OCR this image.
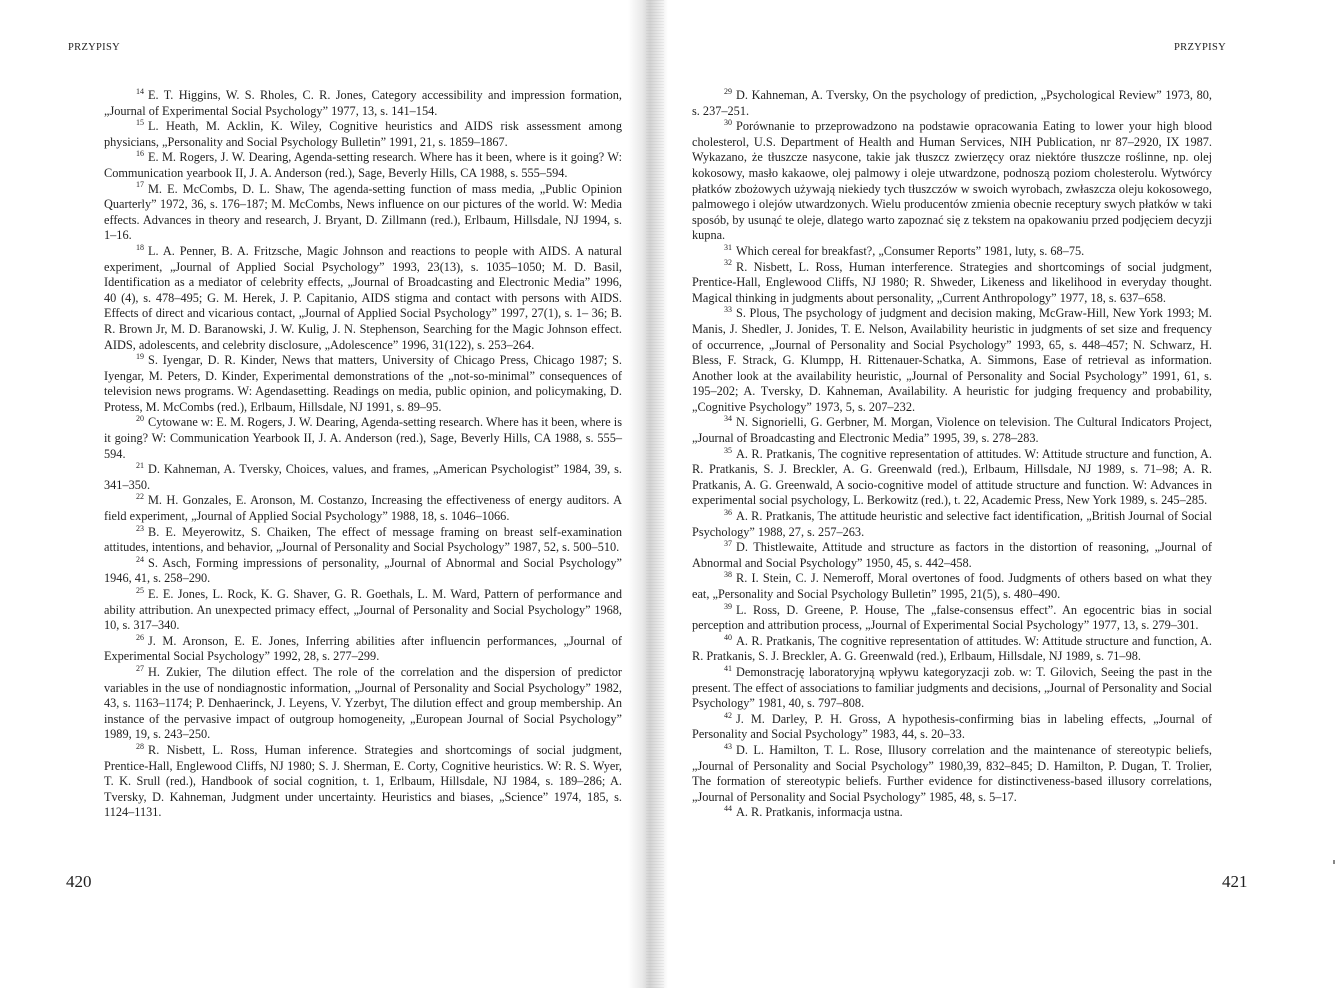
PRZYPISY

$^{14}$ E. T. Higgins, W. S. Rholes, C. R. Jones, Category accessibility and impression formation, „Journal of Experimental Social Psychology” 1977, 13, s. 141–154.

$^{15}$ L. Heath, M. Acklin, K. Wiley, Cognitive heuristics and AIDS risk assessment among physicians, „Personality and Social Psychology Bulletin” 1991, 21, s. 1859–1867.

$^{16}$ E. M. Rogers, J. W. Dearing, Agenda-setting research. Where has it been, where is it going? W: Communication yearbook II, J. A. Anderson (red.), Sage, Beverly Hills, CA 1988, s. 555–594.

$^{17}$ M. E. McCombs, D. L. Shaw, The agenda-setting function of mass media, „Public Opinion Quarterly” 1972, 36, s. 176–187; M. McCombs, News influence on our pictures of the world. W: Media effects. Advances in theory and research, J. Bryant, D. Zillmann (red.), Erlbaum, Hillsdale, NJ 1994, s. 1–16.

$^{18}$ L. A. Penner, B. A. Fritzsche, Magic Johnson and reactions to people with AIDS. A natural experiment, „Journal of Applied Social Psychology” 1993, 23(13), s. 1035–1050; M. D. Basil, Identification as a mediator of celebrity effects, „Journal of Broadcasting and Electronic Media” 1996, 40 (4), s. 478–495; G. M. Herek, J. P. Capitanio, AIDS stigma and contact with persons with AIDS. Effects of direct and vicarious contact, „Journal of Applied Social Psychology” 1997, 27(1), s. 1– 36; B. R. Brown Jr, M. D. Baranowski, J. W. Kulig, J. N. Stephenson, Searching for the Magic Johnson effect. AIDS, adolescents, and celebrity disclosure, „Adolescence” 1996, 31(122), s. 253–264.

$^{19}$ S. Iyengar, D. R. Kinder, News that matters, University of Chicago Press, Chicago 1987; S. Iyengar, M. Peters, D. Kinder, Experimental demonstrations of the „not-so-minimal” consequences of television news programs. W: Agendasetting. Readings on media, public opinion, and policymaking, D. Protess, M. McCombs (red.), Erlbaum, Hillsdale, NJ 1991, s. 89–95.

$^{20}$ Cytowane w: E. M. Rogers, J. W. Dearing, Agenda-setting research. Where has it been, where is it going? W: Communication Yearbook II, J. A. Anderson (red.), Sage, Beverly Hills, CA 1988, s. 555–594.

$^{21}$ D. Kahneman, A. Tversky, Choices, values, and frames, „American Psychologist” 1984, 39, s. 341–350.

$^{22}$ M. H. Gonzales, E. Aronson, M. Costanzo, Increasing the effectiveness of energy auditors. A field experiment, „Journal of Applied Social Psychology” 1988, 18, s. 1046–1066.

$^{23}$ B. E. Meyerowitz, S. Chaiken, The effect of message framing on breast self-examination attitudes, intentions, and behavior, „Journal of Personality and Social Psychology” 1987, 52, s. 500–510.

$^{24}$ S. Asch, Forming impressions of personality, „Journal of Abnormal and Social Psychology” 1946, 41, s. 258–290.

$^{25}$ E. E. Jones, L. Rock, K. G. Shaver, G. R. Goethals, L. M. Ward, Pattern of performance and ability attribution. An unexpected primacy effect, „Journal of Personality and Social Psychology” 1968, 10, s. 317–340.

$^{26}$ J. M. Aronson, E. E. Jones, Inferring abilities after influencin performances, „Journal of Experimental Social Psychology” 1992, 28, s. 277–299.

$^{27}$ H. Zukier, The dilution effect. The role of the correlation and the dispersion of predictor variables in the use of nondiagnostic information, „Journal of Personality and Social Psychology” 1982, 43, s. 1163–1174; P. Denhaerinck, J. Leyens, V. Yzerbyt, The dilution effect and group membership. An instance of the pervasive impact of outgroup homogeneity, „European Journal of Social Psychology” 1989, 19, s. 243–250.

$^{28}$ R. Nisbett, L. Ross, Human inference. Strategies and shortcomings of social judgment, Prentice-Hall, Englewood Cliffs, NJ 1980; S. J. Sherman, E. Corty, Cognitive heuristics. W: R. S. Wyer, T. K. Srull (red.), Handbook of social cognition, t. 1, Erlbaum, Hillsdale, NJ 1984, s. 189–286; A. Tversky, D. Kahneman, Judgment under uncertainty. Heuristics and biases, „Science” 1974, 185, s. 1124–1131.

420
PRZYPISY

$^{29}$ D. Kahneman, A. Tversky, On the psychology of prediction, „Psychological Review” 1973, 80, s. 237–251.

$^{30}$ Porównanie to przeprowadzono na podstawie opracowania Eating to lower your high blood cholesterol, U.S. Department of Health and Human Services, NIH Publication, nr 87–2920, IX 1987. Wykazano, że tłuszcze nasycone, takie jak tłuszcz zwierzęcy oraz niektóre tłuszcze roślinne, np. olej kokosowy, masło kakaowe, olej palmowy i oleje utwardzone, podnoszą poziom cholesterolu. Wytwórcy płatków zbożowych używają niekiedy tych tłuszczów w swoich wyrobach, zwłaszcza oleju kokosowego, palmowego i olejów utwardzonych. Wielu producentów zmienia obecnie receptury swych płatków w taki sposób, by usunąć te oleje, dlatego warto zapoznać się z tekstem na opakowaniu przed podjęciem decyzji kupna.

$^{31}$ Which cereal for breakfast?, „Consumer Reports” 1981, luty, s. 68–75.

$^{32}$ R. Nisbett, L. Ross, Human interference. Strategies and shortcomings of social judgment, Prentice-Hall, Englewood Cliffs, NJ 1980; R. Shweder, Likeness and likelihood in everyday thought. Magical thinking in judgments about personality, „Current Anthropology” 1977, 18, s. 637–658.

$^{33}$ S. Plous, The psychology of judgment and decision making, McGraw-Hill, New York 1993; M. Manis, J. Shedler, J. Jonides, T. E. Nelson, Availability heuristic in judgments of set size and frequency of occurrence, „Journal of Personality and Social Psychology” 1993, 65, s. 448–457; N. Schwarz, H. Bless, F. Strack, G. Klumpp, H. Rittenauer-Schatka, A. Simmons, Ease of retrieval as information. Another look at the availability heuristic, „Journal of Personality and Social Psychology” 1991, 61, s. 195–202; A. Tversky, D. Kahneman, Availability. A heuristic for judging frequency and probability, „Cognitive Psychology” 1973, 5, s. 207–232.

$^{34}$ N. Signorielli, G. Gerbner, M. Morgan, Violence on television. The Cultural Indicators Project, „Journal of Broadcasting and Electronic Media” 1995, 39, s. 278–283.

$^{35}$ A. R. Pratkanis, The cognitive representation of attitudes. W: Attitude structure and function, A. R. Pratkanis, S. J. Breckler, A. G. Greenwald (red.), Erlbaum, Hillsdale, NJ 1989, s. 71–98; A. R. Pratkanis, A. G. Greenwald, A socio-cognitive model of attitude structure and function. W: Advances in experimental social psychology, L. Berkowitz (red.), t. 22, Academic Press, New York 1989, s. 245–285.

$^{36}$ A. R. Pratkanis, The attitude heuristic and selective fact identification, „British Journal of Social Psychology” 1988, 27, s. 257–263.

$^{37}$ D. Thistlewaite, Attitude and structure as factors in the distortion of reasoning, „Journal of Abnormal and Social Psychology” 1950, 45, s. 442–458.

$^{38}$ R. I. Stein, C. J. Nemeroff, Moral overtones of food. Judgments of others based on what they eat, „Personality and Social Psychology Bulletin” 1995, 21(5), s. 480–490.

$^{39}$ L. Ross, D. Greene, P. House, The „false-consensus effect”. An egocentric bias in social perception and attribution process, „Journal of Experimental Social Psychology” 1977, 13, s. 279–301.

$^{40}$ A. R. Pratkanis, The cognitive representation of attitudes. W: Attitude structure and function, A. R. Pratkanis, S. J. Breckler, A. G. Greenwald (red.), Erlbaum, Hillsdale, NJ 1989, s. 71–98.

$^{41}$ Demonstrację laboratoryjną wpływu kategoryzacji zob. w: T. Gilovich, Seeing the past in the present. The effect of associations to familiar judgments and decisions, „Journal of Personality and Social Psychology” 1981, 40, s. 797–808.

$^{42}$ J. M. Darley, P. H. Gross, A hypothesis-confirming bias in labeling effects, „Journal of Personality and Social Psychology” 1983, 44, s. 20–33.

$^{43}$ D. L. Hamilton, T. L. Rose, Illusory correlation and the maintenance of stereotypic beliefs, „Journal of Personality and Social Psychology” 1980,39, 832–845; D. Hamilton, P. Dugan, T. Trolier, The formation of stereotypic beliefs. Further evidence for distinctiveness-based illusory correlations, „Journal of Personality and Social Psychology” 1985, 48, s. 5–17.

$^{44}$ A. R. Pratkanis, informacja ustna.

421
